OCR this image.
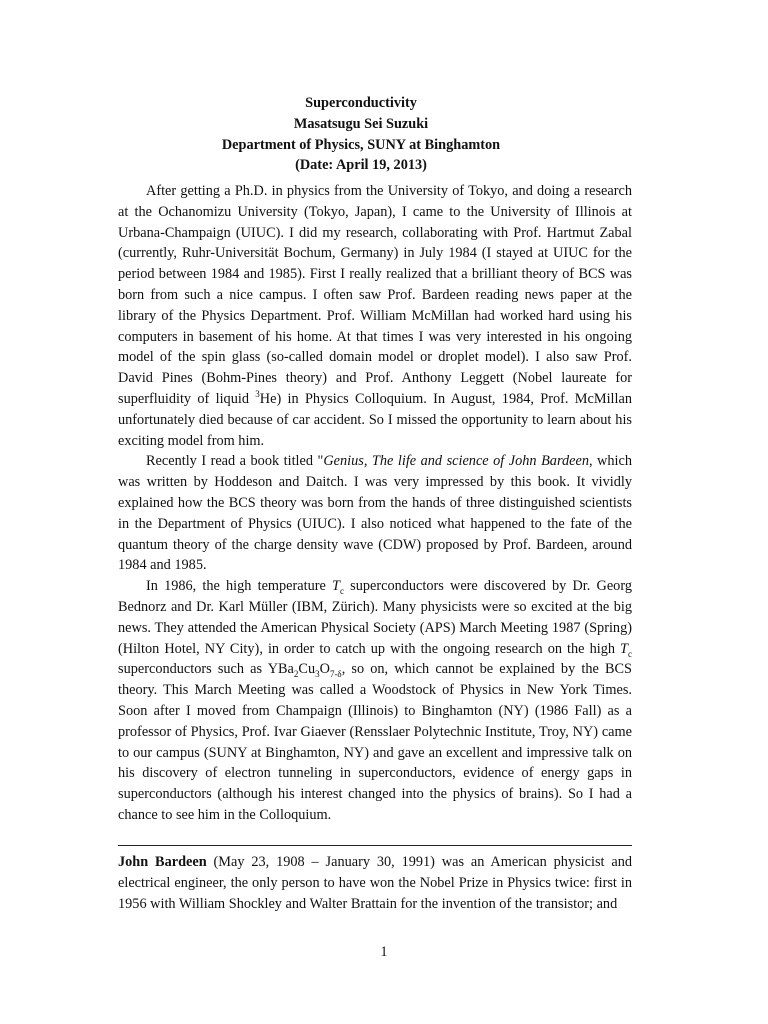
Superconductivity
Masatsugu Sei Suzuki
Department of Physics, SUNY at Binghamton
(Date: April 19, 2013)

After getting a Ph.D. in physics from the University of Tokyo, and doing a research at the Ochanomizu University (Tokyo, Japan), I came to the University of Illinois at Urbana-Champaign (UIUC). I did my research, collaborating with Prof. Hartmut Zabal (currently, Ruhr-Universität Bochum, Germany) in July 1984 (I stayed at UIUC for the period between 1984 and 1985). First I really realized that a brilliant theory of BCS was born from such a nice campus. I often saw Prof. Bardeen reading news paper at the library of the Physics Department. Prof. William McMillan had worked hard using his computers in basement of his home. At that times I was very interested in his ongoing model of the spin glass (so-called domain model or droplet model). I also saw Prof. David Pines (Bohm-Pines theory) and Prof. Anthony Leggett (Nobel laureate for superfluidity of liquid $^3$He) in Physics Colloquium. In August, 1984, Prof. McMillan unfortunately died because of car accident. So I missed the opportunity to learn about his exciting model from him.

Recently I read a book titled "Genius, The life and science of John Bardeen, which was written by Hoddeson and Daitch. I was very impressed by this book. It vividly explained how the BCS theory was born from the hands of three distinguished scientists in the Department of Physics (UIUC). I also noticed what happened to the fate of the quantum theory of the charge density wave (CDW) proposed by Prof. Bardeen, around 1984 and 1985.

In 1986, the high temperature $T_c$ superconductors were discovered by Dr. Georg Bednorz and Dr. Karl Müller (IBM, Zürich). Many physicists were so excited at the big news. They attended the American Physical Society (APS) March Meeting 1987 (Spring) (Hilton Hotel, NY City), in order to catch up with the ongoing research on the high $T_c$ superconductors such as $YBa_2Cu_3O_{7-\delta}$, so on, which cannot be explained by the BCS theory. This March Meeting was called a Woodstock of Physics in New York Times. Soon after I moved from Champaign (Illinois) to Binghamton (NY) (1986 Fall) as a professor of Physics, Prof. Ivar Giaever (Rensslaer Polytechnic Institute, Troy, NY) came to our campus (SUNY at Binghamton, NY) and gave an excellent and impressive talk on his discovery of electron tunneling in superconductors, evidence of energy gaps in superconductors (although his interest changed into the physics of brains). So I had a chance to see him in the Colloquium.

John Bardeen (May 23, 1908 – January 30, 1991) was an American physicist and electrical engineer, the only person to have won the Nobel Prize in Physics twice: first in 1956 with William Shockley and Walter Brattain for the invention of the transistor; and

1
